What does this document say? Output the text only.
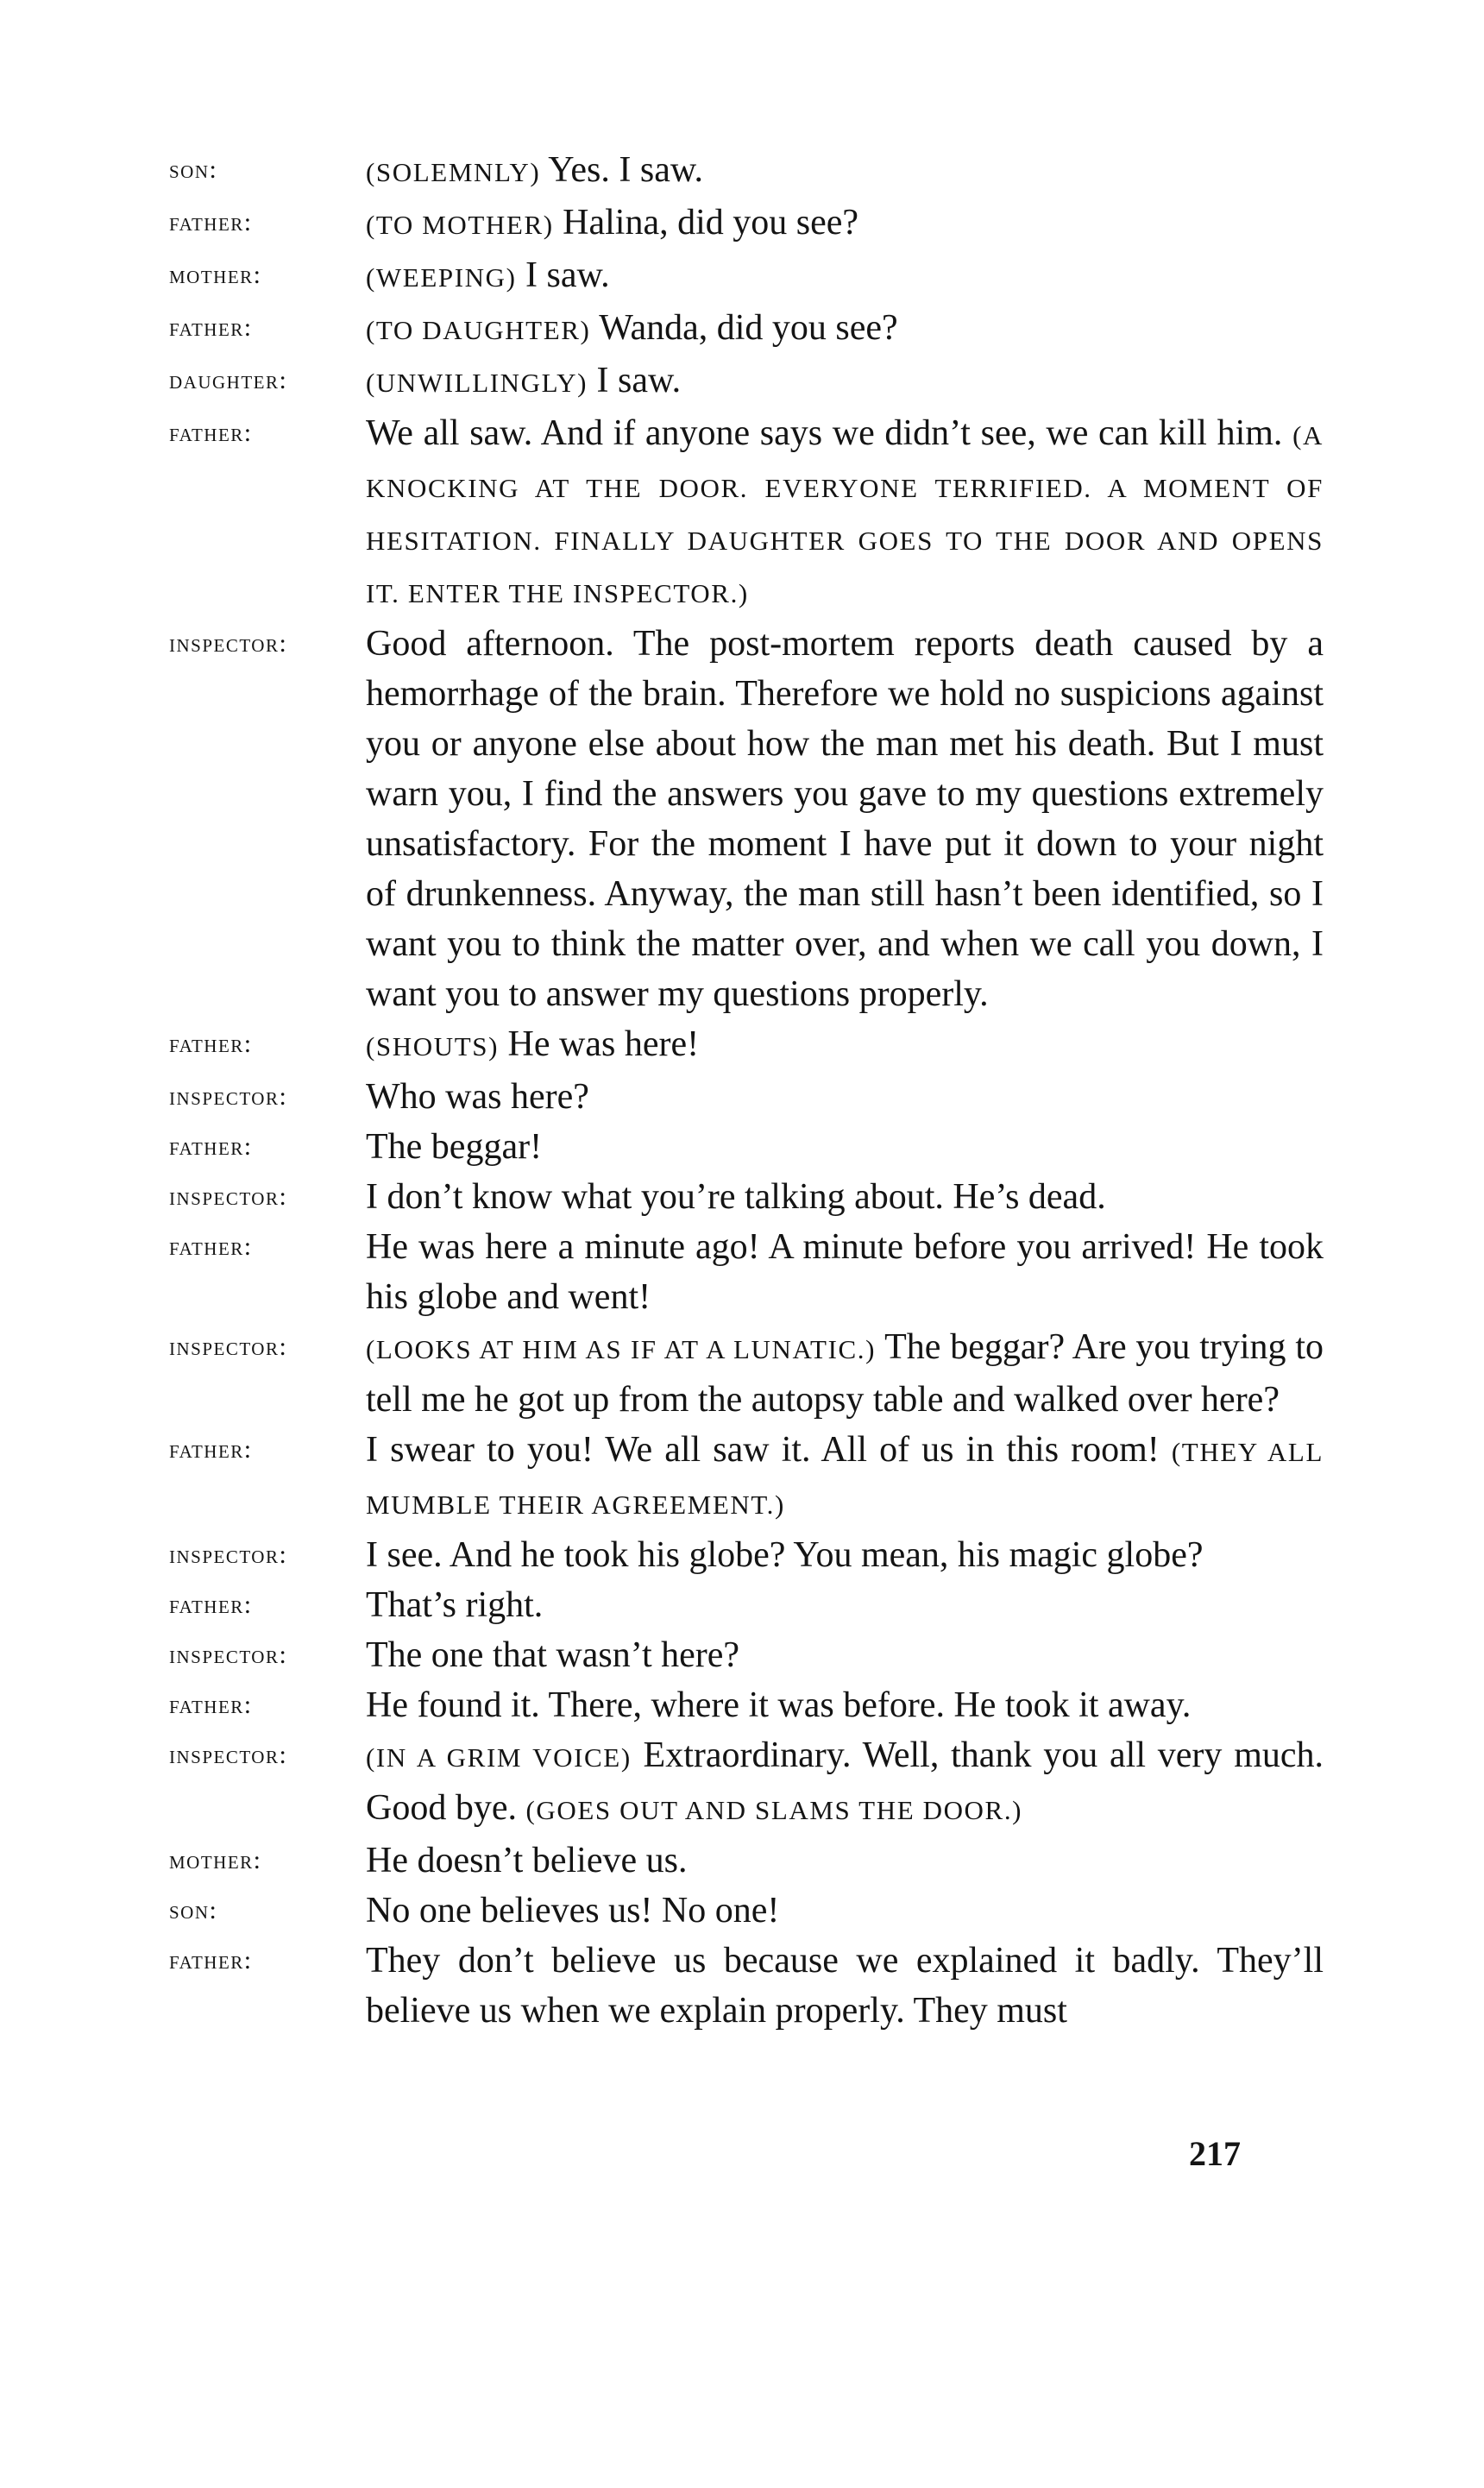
son:	(SOLEMNLY) Yes. I saw.
father:	(TO MOTHER) Halina, did you see?
mother:	(WEEPING) I saw.
father:	(TO DAUGHTER) Wanda, did you see?
daughter:	(UNWILLINGLY) I saw.
father:	We all saw. And if anyone says we didn’t see, we can kill him. (A KNOCKING AT THE DOOR. EVERYONE TERRIFIED. A MOMENT OF HESITATION. FINALLY DAUGHTER GOES TO THE DOOR AND OPENS IT. ENTER THE INSPECTOR.)
inspector:	Good afternoon. The post-mortem reports death caused by a hemorrhage of the brain. Therefore we hold no suspicions against you or anyone else about how the man met his death. But I must warn you, I find the answers you gave to my questions extremely unsatisfactory. For the moment I have put it down to your night of drunkenness. Anyway, the man still hasn’t been identified, so I want you to think the matter over, and when we call you down, I want you to answer my questions properly.
father:	(SHOUTS) He was here!
inspector:	Who was here?
father:	The beggar!
inspector:	I don’t know what you’re talking about. He’s dead.
father:	He was here a minute ago! A minute before you arrived! He took his globe and went!
inspector:	(LOOKS AT HIM AS IF AT A LUNATIC.) The beggar? Are you trying to tell me he got up from the autopsy table and walked over here?
father:	I swear to you! We all saw it. All of us in this room! (THEY ALL MUMBLE THEIR AGREEMENT.)
inspector:	I see. And he took his globe? You mean, his magic globe?
father:	That’s right.
inspector:	The one that wasn’t here?
father:	He found it. There, where it was before. He took it away.
inspector:	(IN A GRIM VOICE) Extraordinary. Well, thank you all very much. Good bye. (GOES OUT AND SLAMS THE DOOR.)
mother:	He doesn’t believe us.
son:	No one believes us! No one!
father:	They don’t believe us because we explained it badly. They’ll believe us when we explain properly. They must
217
